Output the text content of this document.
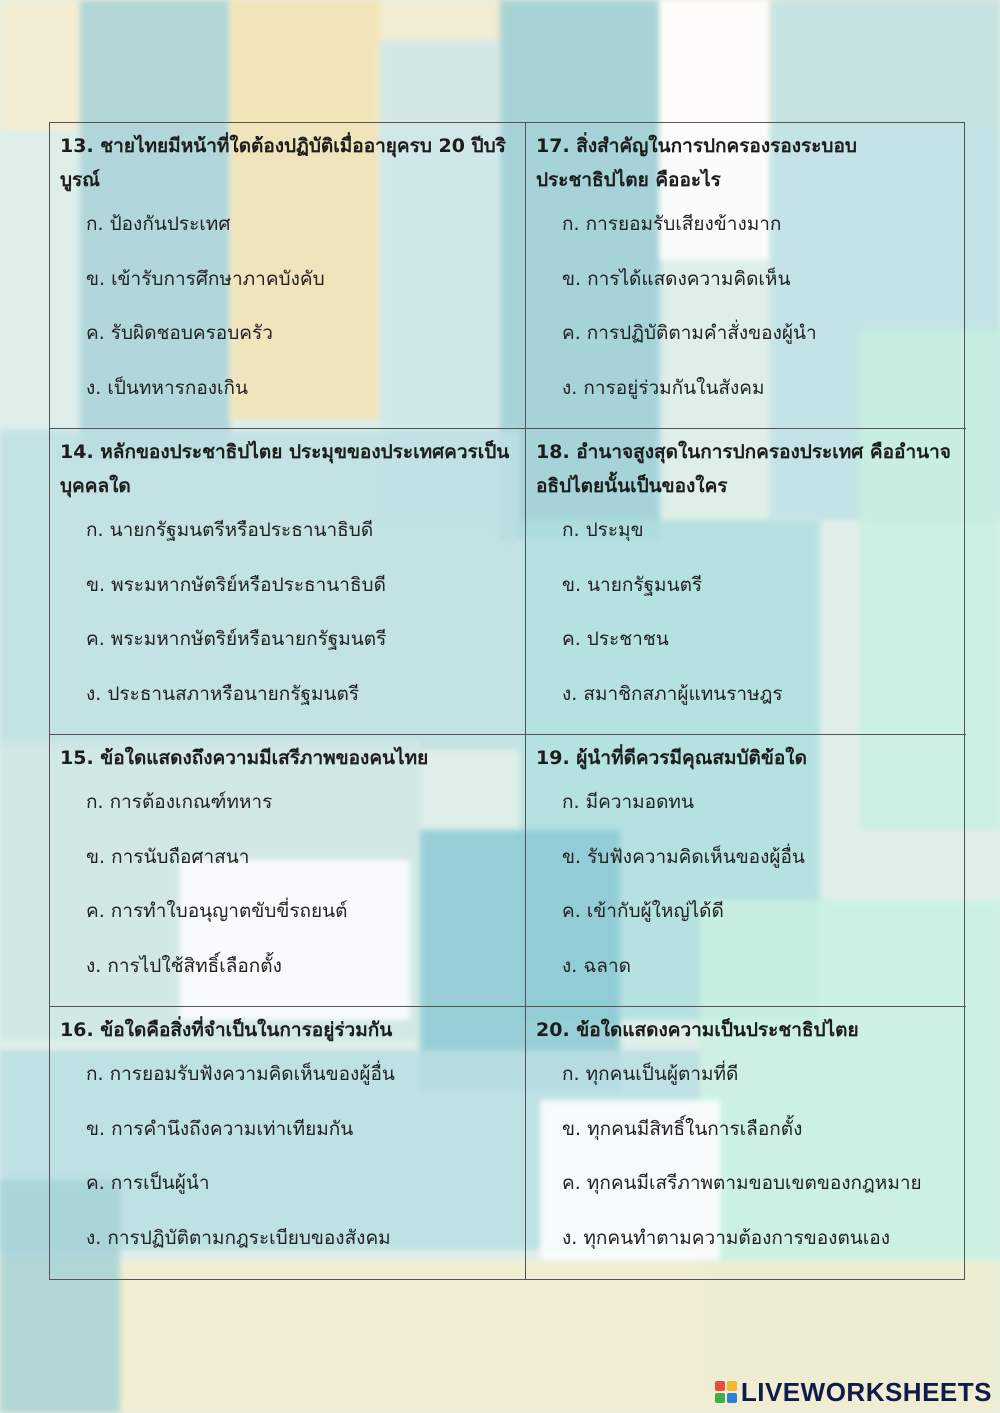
13. ชายไทยมีหน้าที่ใดต้องปฏิบัติเมื่ออายุครบ 20 ปีบริบูรณ์

ก. ป้องกันประเทศ

ข. เข้ารับการศึกษาภาคบังคับ

ค. รับผิดชอบครอบครัว

ง. เป็นทหารกองเกิน

17. สิ่งสำคัญในการปกครองรองระบอบประชาธิปไตย คืออะไร

ก. การยอมรับเสียงข้างมาก

ข. การได้แสดงความคิดเห็น

ค. การปฏิบัติตามคำสั่งของผู้นำ

ง. การอยู่ร่วมกันในสังคม

14. หลักของประชาธิปไตย ประมุขของประเทศควรเป็นบุคคลใด

ก. นายกรัฐมนตรีหรือประธานาธิบดี

ข. พระมหากษัตริย์หรือประธานาธิบดี

ค. พระมหากษัตริย์หรือนายกรัฐมนตรี

ง. ประธานสภาหรือนายกรัฐมนตรี

18. อำนาจสูงสุดในการปกครองประเทศ คืออำนาจอธิปไตยนั้นเป็นของใคร

ก. ประมุข

ข. นายกรัฐมนตรี

ค. ประชาชน

ง. สมาชิกสภาผู้แทนราษฎร

15. ข้อใดแสดงถึงความมีเสรีภาพของคนไทย

ก. การต้องเกณฑ์ทหาร

ข. การนับถือศาสนา

ค. การทำใบอนุญาตขับขี่รถยนต์

ง. การไปใช้สิทธิ์เลือกตั้ง

19. ผู้นำที่ดีควรมีคุณสมบัติข้อใด

ก. มีความอดทน

ข. รับฟังความคิดเห็นของผู้อื่น

ค. เข้ากับผู้ใหญ่ได้ดี

ง. ฉลาด

16. ข้อใดคือสิ่งที่จำเป็นในการอยู่ร่วมกัน

ก. การยอมรับฟังความคิดเห็นของผู้อื่น

ข. การคำนึงถึงความเท่าเทียมกัน

ค. การเป็นผู้นำ

ง. การปฏิบัติตามกฎระเบียบของสังคม

20. ข้อใดแสดงความเป็นประชาธิปไตย

ก. ทุกคนเป็นผู้ตามที่ดี

ข. ทุกคนมีสิทธิ์ในการเลือกตั้ง

ค. ทุกคนมีเสรีภาพตามขอบเขตของกฎหมาย

ง. ทุกคนทำตามความต้องการของตนเอง

LIVEWORKSHEETS
